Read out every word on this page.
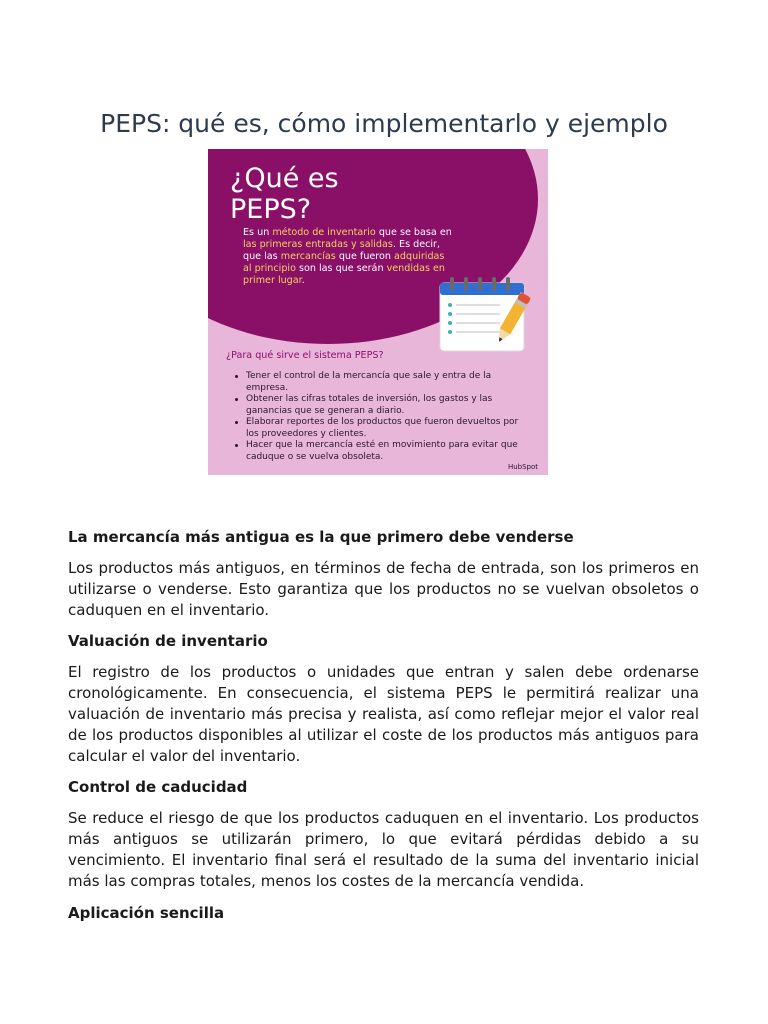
PEPS: qué es, cómo implementarlo y ejemplo
¿Qué es
PEPS?
Es un método de inventario que se basa en las primeras entradas y salidas. Es decir, que las mercancías que fueron adquiridas al principio son las que serán vendidas en primer lugar.
¿Para qué sirve el sistema PEPS?
Tener el control de la mercancía que sale y entra de la empresa.
Obtener las cifras totales de inversión, los gastos y las ganancias que se generan a diario.
Elaborar reportes de los productos que fueron devueltos por los proveedores y clientes.
Hacer que la mercancía esté en movimiento para evitar que caduque o se vuelva obsoleta.
HubSpot
La mercancía más antigua es la que primero debe venderse

Los productos más antiguos, en términos de fecha de entrada, son los primeros en utilizarse o venderse. Esto garantiza que los productos no se vuelvan obsoletos o caduquen en el inventario.

Valuación de inventario

El registro de los productos o unidades que entran y salen debe ordenarse cronológicamente. En consecuencia, el sistema PEPS le permitirá realizar una valuación de inventario más precisa y realista, así como reflejar mejor el valor real de los productos disponibles al utilizar el coste de los productos más antiguos para calcular el valor del inventario.

Control de caducidad

Se reduce el riesgo de que los productos caduquen en el inventario. Los productos más antiguos se utilizarán primero, lo que evitará pérdidas debido a su vencimiento. El inventario final será el resultado de la suma del inventario inicial más las compras totales, menos los costes de la mercancía vendida.

Aplicación sencilla
